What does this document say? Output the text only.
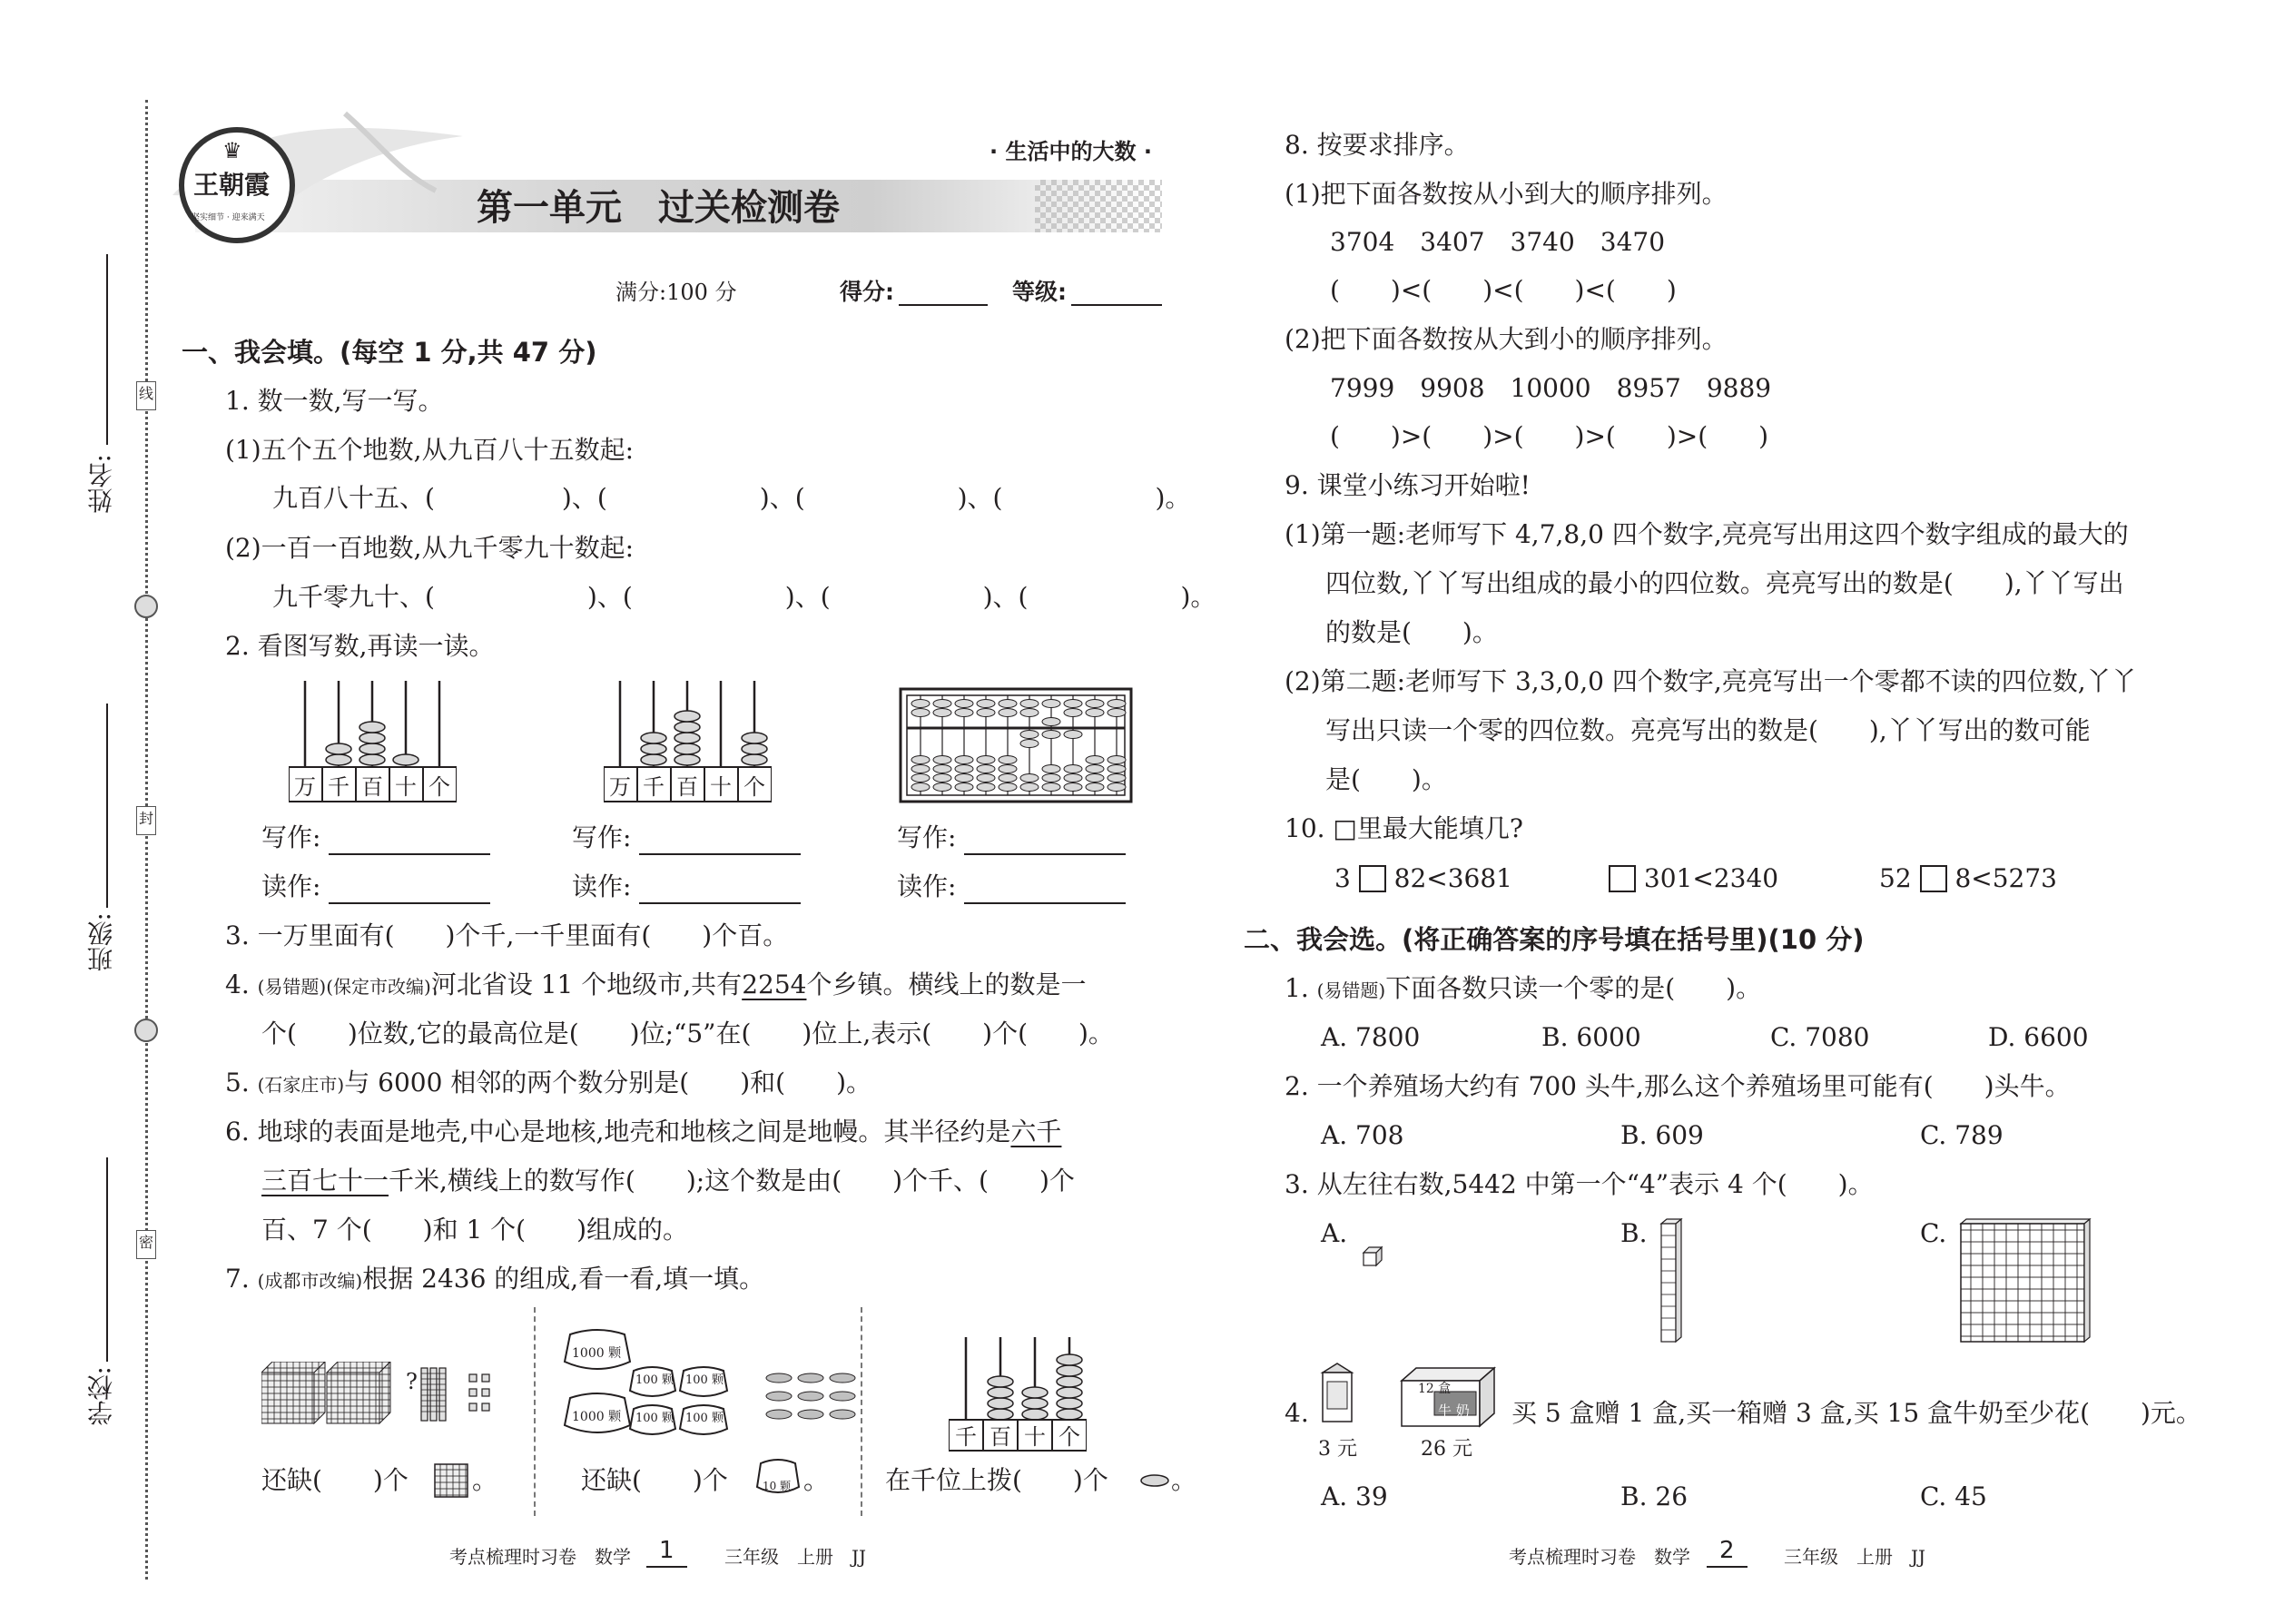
线
封
密
姓名:
班级:
学校:
♛
王朝霞
坚实细节 · 迎来满天
· 生活中的大数 ·
第一单元　过关检测卷
满分:100 分	得分:	等级:
一、我会填。(每空 1 分,共 47 分)
1. 数一数,写一写。
(1)五个五个地数,从九百八十五数起:
九百八十五、(　　　　　)、(　　　　　　)、(　　　　　　)、(　　　　　　)。
(2)一百一百地数,从九千零九十数起:
九千零九十、(　　　　　　)、(　　　　　　)、(　　　　　　)、(　　　　　　)。
2. 看图写数,再读一读。
万 千 百 十 个	万 千 百 十 个
写作:
读作:
写作:
读作:
写作:
读作:
3. 一万里面有(　　)个千,一千里面有(　　)个百。
4. (易错题)(保定市改编)河北省设 11 个地级市,共有2254个乡镇。横线上的数是一
个(　　)位数,它的最高位是(　　)位;“5”在(　　)位上,表示(　　)个(　　)。
5. (石家庄市)与 6000 相邻的两个数分别是(　　)和(　　)。
6. 地球的表面是地壳,中心是地核,地壳和地核之间是地幔。其半径约是六千
三百七十一千米,横线上的数写作(　　);这个数是由(　　)个千、(　　)个
百、7 个(　　)和 1 个(　　)组成的。
7. (成都市改编)根据 2436 的组成,看一看,填一填。
?
还缺(　　)个	。
1000 颗
100 颗 100 颗
1000 颗 100 颗 100 颗
还缺(　　)个	10 颗 。
千 百 十 个
在千位上拨(　　)个 。
8. 按要求排序。
(1)把下面各数按从小到大的顺序排列。
3704　3407　3740　3470
(　　)<(　　)<(　　)<(　　)
(2)把下面各数按从大到小的顺序排列。
7999　9908　10000　8957　9889
(　　)>(　　)>(　　)>(　　)>(　　)
9. 课堂小练习开始啦!
(1)第一题:老师写下 4,7,8,0 四个数字,亮亮写出用这四个数字组成的最大的
四位数,丫丫写出组成的最小的四位数。亮亮写出的数是(　　),丫丫写出
的数是(　　)。
(2)第二题:老师写下 3,3,0,0 四个数字,亮亮写出一个零都不读的四位数,丫丫
写出只读一个零的四位数。亮亮写出的数是(　　),丫丫写出的数可能
是(　　)。
10. □里最大能填几?
3 82<3681	301<2340	52 8<5273
二、我会选。(将正确答案的序号填在括号里)(10 分)
1. (易错题)下面各数只读一个零的是(　　)。
A. 7800	B. 6000	C. 7080	D. 6600
2. 一个养殖场大约有 700 头牛,那么这个养殖场里可能有(　　)头牛。
A. 708	B. 609	C. 789
3. 从左往右数,5442 中第一个“4”表示 4 个(　　)。
A.	B.	C.
4.
3 元
12 盒
牛 奶
26 元
买 5 盒赠 1 盒,买一箱赠 3 盒,买 15 盒牛奶至少花(　　)元。
A. 39	B. 26	C. 45
考点梳理时习卷　数学	1	三年级　上册　JJ	考点梳理时习卷　数学	2	三年级　上册　JJ
